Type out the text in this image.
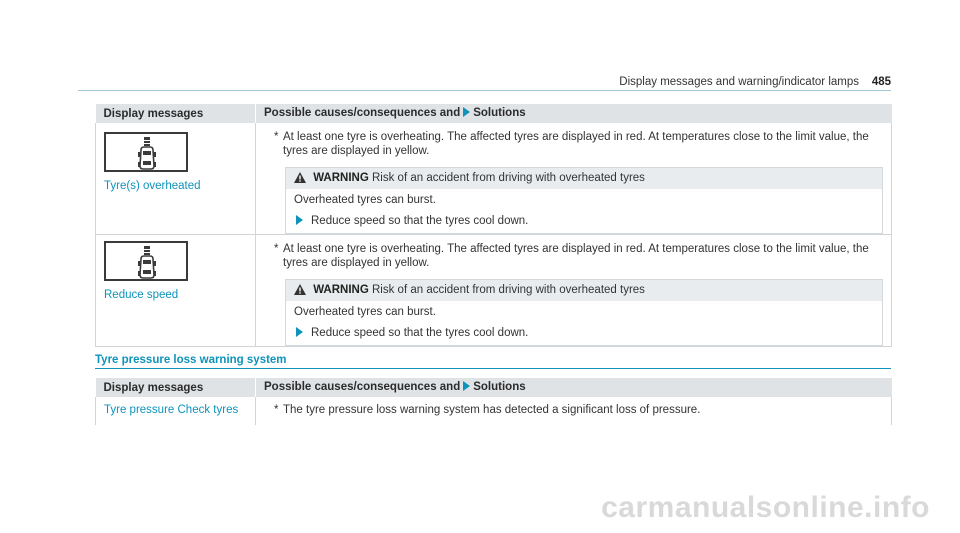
Display messages and warning/indicator lamps 485
Display messages	Possible causes/consequences and Solutions

Tyre(s) overheated	* At least one tyre is overheating. The affected tyres are displayed in red. At temperatures close to the limit value, the tyres are displayed in yellow.
WARNING Risk of an accident from driving with overheated tyres
Overheated tyres can burst.
Reduce speed so that the tyres cool down.

Reduce speed	* At least one tyre is overheating. The affected tyres are displayed in red. At temperatures close to the limit value, the tyres are displayed in yellow.
WARNING Risk of an accident from driving with overheated tyres
Overheated tyres can burst.
Reduce speed so that the tyres cool down.
Tyre pressure loss warning system
Display messages	Possible causes/consequences and Solutions

Tyre pressure Check tyres	* The tyre pressure loss warning system has detected a significant loss of pressure.
carmanualsonline.info
